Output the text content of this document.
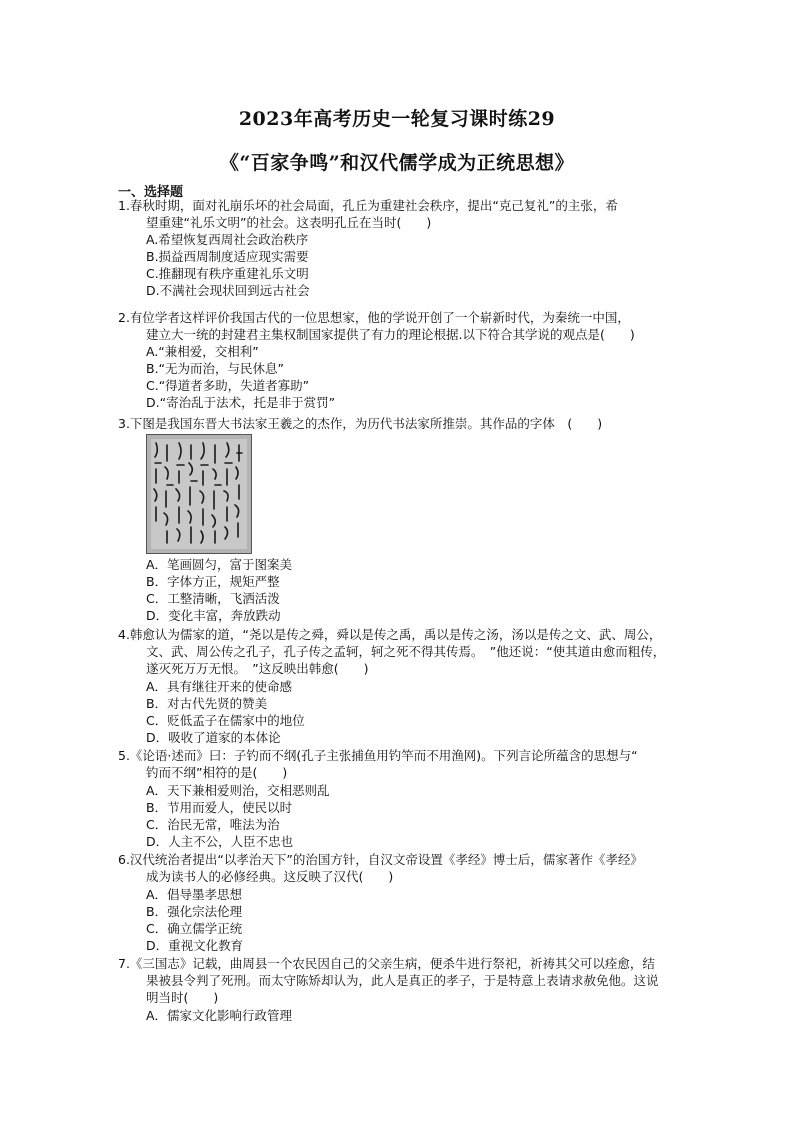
2023年高考历史一轮复习课时练29
《“百家争鸣”和汉代儒学成为正统思想》
一、选择题
1.春秋时期，面对礼崩乐坏的社会局面，孔丘为重建社会秩序，提出“克己复礼”的主张，希
望重建“礼乐文明”的社会。这表明孔丘在当时(　　)
A.希望恢复西周社会政治秩序
B.损益西周制度适应现实需要
C.推翻现有秩序重建礼乐文明
D.不满社会现状回到远古社会
2.有位学者这样评价我国古代的一位思想家，他的学说开创了一个崭新时代，为秦统一中国，
建立大一统的封建君主集权制国家提供了有力的理论根据.以下符合其学说的观点是(　　)
A.“兼相爱，交相利”
B.“无为而治，与民休息”
C.“得道者多助，失道者寡助”
D.“寄治乱于法术，托是非于赏罚”
3.下图是我国东晋大书法家王羲之的杰作，为历代书法家所推崇。其作品的字体　(　　)
A．笔画圆匀，富于图案美
B．字体方正，规矩严整
C．工整清晰，飞洒活泼
D．变化丰富，奔放跌动
4.韩愈认为儒家的道，“尧以是传之舜，舜以是传之禹，禹以是传之汤，汤以是传之文、武、周公，
文、武、周公传之孔子，孔子传之孟轲，轲之死不得其传焉。　”他还说：“使其道由愈而粗传，
遂灭死万万无恨。　”这反映出韩愈(　　)
A．具有继往开来的使命感
B．对古代先贤的赞美
C．贬低孟子在儒家中的地位
D．吸收了道家的本体论
5.《论语·述而》曰：子钓而不纲(孔子主张捕鱼用钓竿而不用渔网)。下列言论所蕴含的思想与“
钓而不纲”相符的是(　　)
A．天下兼相爱则治，交相恶则乱
B．节用而爱人，使民以时
C．治民无常，唯法为治
D．人主不公，人臣不忠也
6.汉代统治者提出“以孝治天下”的治国方针，自汉文帝设置《孝经》博士后，儒家著作《孝经》
成为读书人的必修经典。这反映了汉代(　　)
A．倡导墨孝思想
B．强化宗法伦理
C．确立儒学正统
D．重视文化教育
7.《三国志》记载，曲周县一个农民因自己的父亲生病，便杀牛进行祭祀，祈祷其父可以痊愈，结
果被县令判了死刑。而太守陈矫却认为，此人是真正的孝子，于是特意上表请求赦免他。这说
明当时(　　)
A．儒家文化影响行政管理
